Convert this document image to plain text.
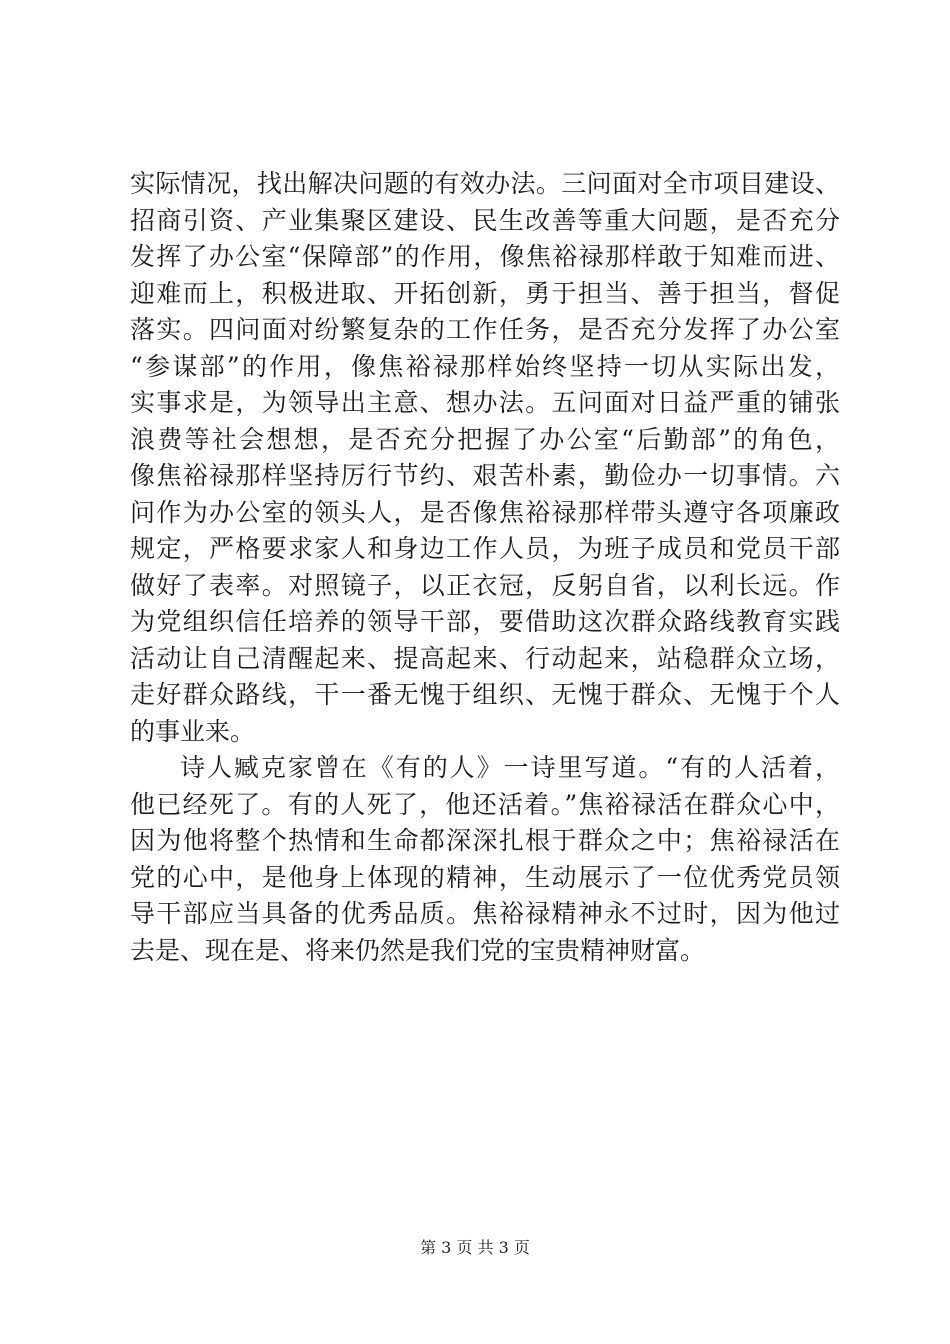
实际情况，找出解决问题的有效办法。三问面对全市项目建设、
招商引资、产业集聚区建设、民生改善等重大问题，是否充分
发挥了办公室“保障部”的作用，像焦裕禄那样敢于知难而进、
迎难而上，积极进取、开拓创新，勇于担当、善于担当，督促
落实。四问面对纷繁复杂的工作任务，是否充分发挥了办公室
“参谋部”的作用，像焦裕禄那样始终坚持一切从实际出发，
实事求是，为领导出主意、想办法。五问面对日益严重的铺张
浪费等社会想想，是否充分把握了办公室“后勤部”的角色，
像焦裕禄那样坚持厉行节约、艰苦朴素，勤俭办一切事情。六
问作为办公室的领头人，是否像焦裕禄那样带头遵守各项廉政
规定，严格要求家人和身边工作人员，为班子成员和党员干部
做好了表率。对照镜子，以正衣冠，反躬自省，以利长远。作
为党组织信任培养的领导干部，要借助这次群众路线教育实践
活动让自己清醒起来、提高起来、行动起来，站稳群众立场，
走好群众路线，干一番无愧于组织、无愧于群众、无愧于个人
的事业来。
诗人臧克家曾在《有的人》一诗里写道。“有的人活着，
他已经死了。有的人死了，他还活着。”焦裕禄活在群众心中，
因为他将整个热情和生命都深深扎根于群众之中；焦裕禄活在
党的心中，是他身上体现的精神，生动展示了一位优秀党员领
导干部应当具备的优秀品质。焦裕禄精神永不过时，因为他过
去是、现在是、将来仍然是我们党的宝贵精神财富。
第 3 页 共 3 页
